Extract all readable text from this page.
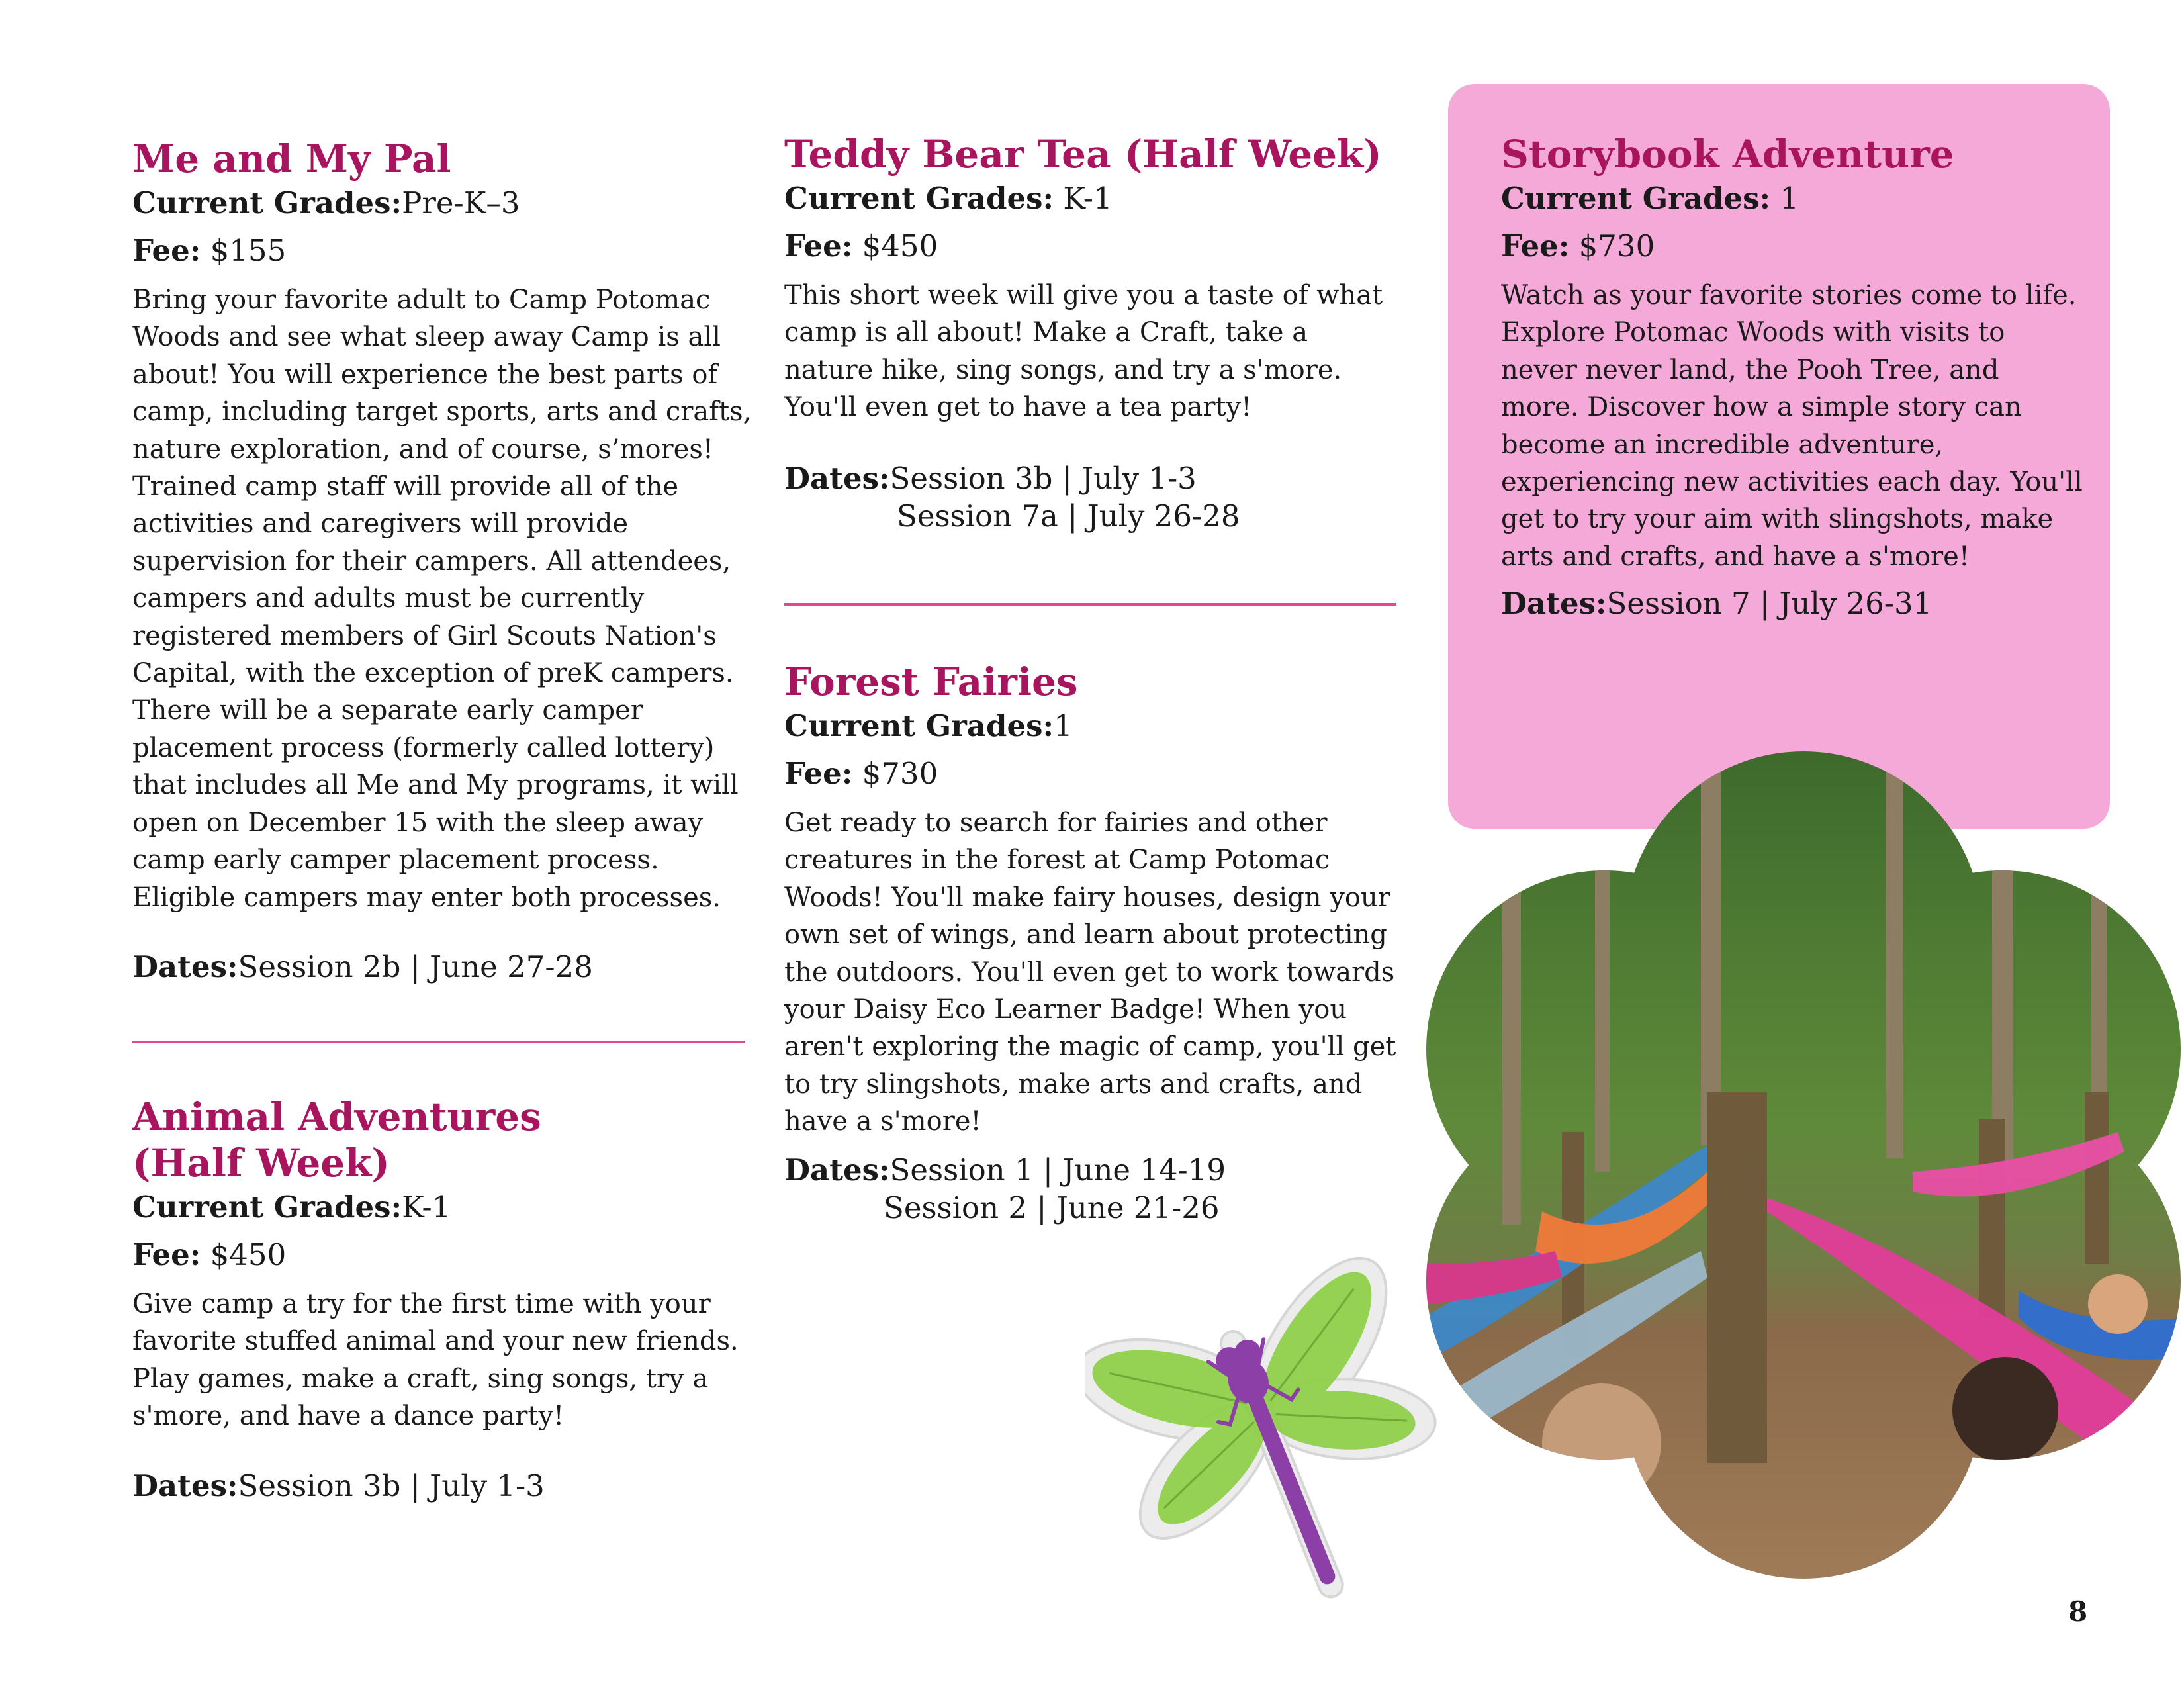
Me and My Pal

Current Grades:Pre-K–3

Fee: $155

Bring your favorite adult to Camp Potomac Woods and see what sleep away Camp is all about! You will experience the best parts of camp, including target sports, arts and crafts, nature exploration, and of course, s’mores! Trained camp staff will provide all of the activities and caregivers will provide supervision for their campers. All attendees, campers and adults must be currently registered members of Girl Scouts Nation's Capital, with the exception of preK campers. There will be a separate early camper placement process (formerly called lottery) that includes all Me and My programs, it will open on December 15 with the sleep away camp early camper placement process. Eligible campers may enter both processes.

Dates:Session 2b | June 27-28

Animal Adventures
(Half Week)

Current Grades:K-1

Fee: $450

Give camp a try for the first time with your favorite stuffed animal and your new friends. Play games, make a craft, sing songs, try a s'more, and have a dance party!

Dates:Session 3b | July 1-3

Teddy Bear Tea (Half Week)

Current Grades: K-1

Fee: $450

This short week will give you a taste of what camp is all about! Make a Craft, take a nature hike, sing songs, and try a s'more. You'll even get to have a tea party!

Dates:Session 3b | July 1-3
Session 7a | July 26-28

Forest Fairies

Current Grades:1

Fee: $730

Get ready to search for fairies and other creatures in the forest at Camp Potomac Woods! You'll make fairy houses, design your own set of wings, and learn about protecting the outdoors. You'll even get to work towards your Daisy Eco Learner Badge! When you aren't exploring the magic of camp, you'll get to try slingshots, make arts and crafts, and have a s'more!

Dates:Session 1 | June 14-19
Session 2 | June 21-26

Storybook Adventure

Current Grades: 1

Fee: $730

Watch as your favorite stories come to life. Explore Potomac Woods with visits to never never land, the Pooh Tree, and more. Discover how a simple story can become an incredible adventure, experiencing new activities each day. You'll get to try your aim with slingshots, make arts and crafts, and have a s'more!

Dates:Session 7 | July 26-31

8
